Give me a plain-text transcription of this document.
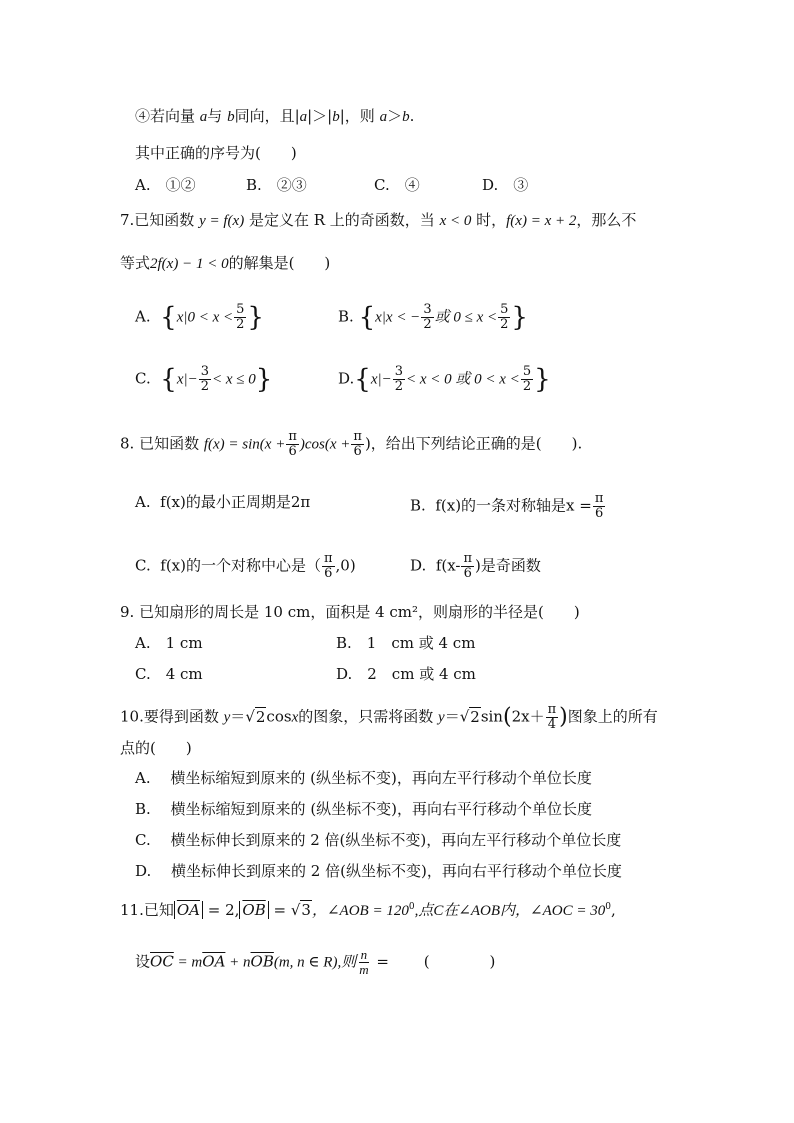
④若向量 a与 b同向，且|a|＞|b|，则 a＞b.
其中正确的序号为(　　)
A.　①②	B.　②③	C.　④	D.　③
7.已知函数 y = f(x) 是定义在 R 上的奇函数，当 x < 0 时，f(x) = x + 2，那么不
等式2f(x) − 1 < 0的解集是(　　)
A. {$x|0 < x < \frac{5}{2}$ }	B. {x|x < − $\frac{3}{2}$ 或 $0 \le x < \frac{5}{2}$ }
C. $\{x|- \frac{3}{2} < x \le 0\}$	$D.\{x|- \frac{3}{2} < x < 0$ 或 $0 < x < \frac{5}{2}$ }
8. 已知函数 $f(x) = \sin(x + \frac{\pi}{6} )\cos(x + \frac{\pi}{6}$ )，给出下列结论正确的是(　　).
A. f(x)的最小正周期是2π	B. f(x)的一条对称轴是$x = \frac{\pi}{6}$
C. f(x)的一个对称中心是（ $\frac{\pi}{6} ,0$)	D. $f(x- \frac{\pi}{6}$ )是奇函数
9. 已知扇形的周长是 10 cm，面积是 4 cm²，则扇形的半径是(　　)
A.　1 cm	B.　1　cm 或 4 cm
C.　4 cm	D.　2　cm 或 4 cm
10.要得到函数 y＝√2cosx的图象，只需将函数 $y=√2\sin(2x+ \frac{\pi}{4}$ )图象上的所有
点的(　　)
A.　 横坐标缩短到原来的 (纵坐标不变)，再向左平行移动个单位长度
B.　 横坐标缩短到原来的 (纵坐标不变)，再向右平行移动个单位长度
C.　 横坐标伸长到原来的 2 倍(纵坐标不变)，再向左平行移动个单位长度
D.　 横坐标伸长到原来的 2 倍(纵坐标不变)，再向右平行移动个单位长度
11.已知 $\overline{OA} = 2$, $\overline{OB} = √3$，∠AOB = $120^0$,点C在∠AOB内，∠AOC = $30^0$,
设$\overline{OC} = m\overline{OA} + n\overline{OB}(m$, n ∈ R),则 $\frac{n}{m}$ =　　 (　　　　)
